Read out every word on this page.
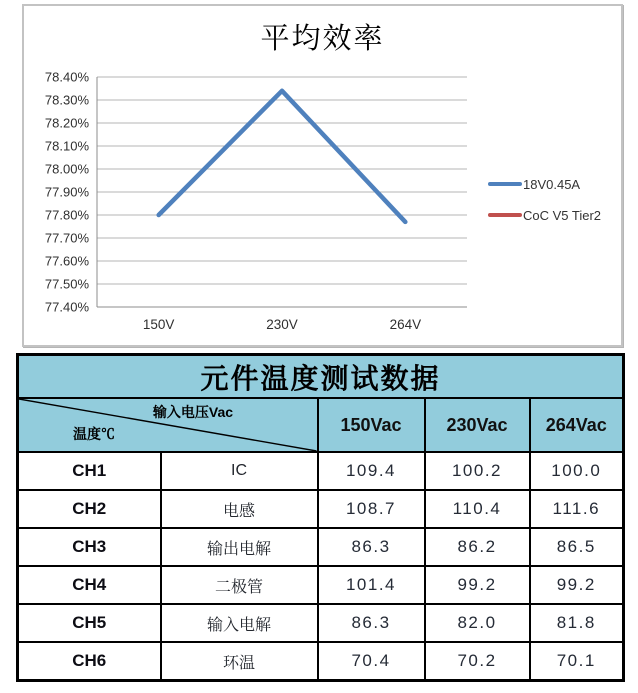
78.40%
78.30%
78.20%
78.10%
78.00%
77.90%
77.80%
77.70%
77.60%
77.50%
77.40%
150V	230V	264V
平均效率
18V0.45A
CoC V5 Tier2
元件温度测试数据				

输入电压Vac
温度℃		150Vac	230Vac	264Vac
CH1	IC	109.4	100.2	100.0
CH2	电感	108.7	110.4	111.6
CH3	输出电解	86.3	86.2	86.5
CH4	二极管	101.4	99.2	99.2
CH5	输入电解	86.3	82.0	81.8
CH6	环温	70.4	70.2	70.1
